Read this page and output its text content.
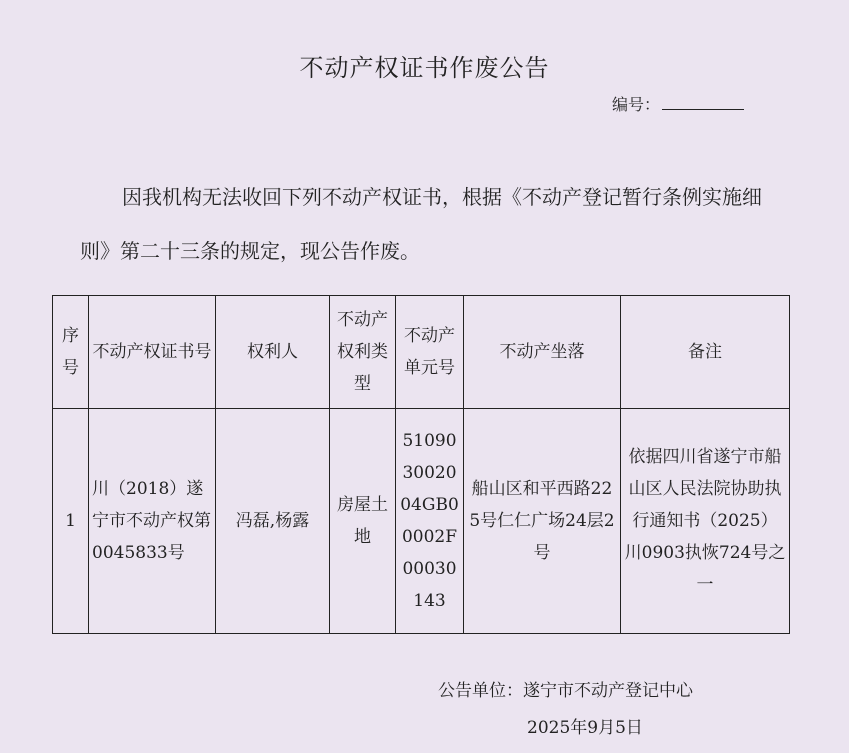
不动产权证书作废公告
编号：
因我机构无法收回下列不动产权证书，根据《不动产登记暂行条例实施细则》第二十三条的规定，现公告作废。
序号	不动产权证书号	权利人	不动产权利类型	不动产单元号	不动产坐落	备注
1	川（2018）遂宁市不动产权第0045833号	冯磊,杨露	房屋土地	510903002004GB00002F00030143	船山区和平西路225号仁仁广场24层2号	依据四川省遂宁市船山区人民法院协助执行通知书（2025）川0903执恢724号之一
公告单位：遂宁市不动产登记中心
2025年9月5日
